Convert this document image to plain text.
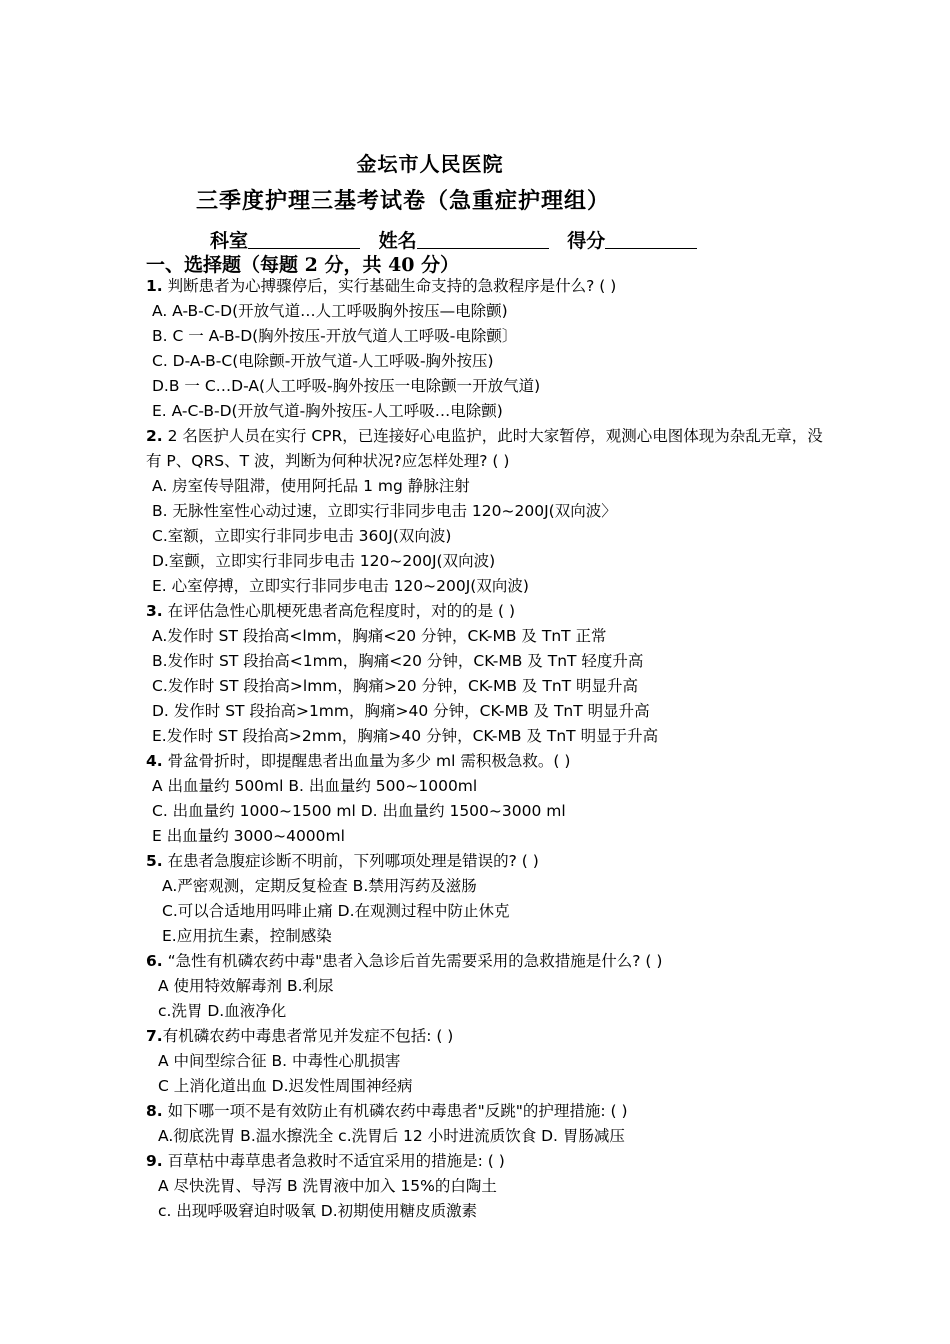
金坛市人民医院
三季度护理三基考试卷（急重症护理组）
科室	姓名	得分
一、选择题（每题 2 分，共 40 分）
1. 判断患者为心搏骤停后，实行基础生命支持的急救程序是什么? ( )
A. A-B-C-D(开放气道…人工呼吸胸外按压—电除颤)
B. C 一 A-B-D(胸外按压-开放气道人工呼吸-电除颤〕
C. D-A-B-C(电除颤-开放气道-人工呼吸-胸外按压)
D.B 一 C…D-A(人工呼吸-胸外按压一电除颤一开放气道)
E. A-C-B-D(开放气道-胸外按压-人工呼吸…电除颤)
2. 2 名医护人员在实行 CPR，已连接好心电监护，此时大家暂停，观测心电图体现为杂乱无章，没有 P、QRS、T 波，判断为何种状况?应怎样处理? ( )
A. 房室传导阻滞，使用阿托品 1 mg 静脉注射
B. 无脉性室性心动过速，立即实行非同步电击 120~200J(双向波〉
C.室额，立即实行非同步电击 360J(双向波)
D.室颤，立即实行非同步电击 120~200J(双向波)
E. 心室停搏，立即实行非同步电击 120~200J(双向波)
3. 在评估急性心肌梗死患者高危程度时，对的的是 ( )
A.发作时 ST 段抬高<lmm，胸痛<20 分钟，CK-MB 及 TnT 正常
B.发作时 ST 段抬高<1mm，胸痛<20 分钟，CK-MB 及 TnT 轻度升高
C.发作时 ST 段抬高>lmm，胸痛>20 分钟，CK-MB 及 TnT 明显升高
D. 发作时 ST 段抬高>1mm，胸痛>40 分钟，CK-MB 及 TnT 明显升高
E.发作时 ST 段抬高>2mm，胸痛>40 分钟，CK-MB 及 TnT 明显于升高
4. 骨盆骨折时，即提醒患者出血量为多少 ml 需积极急救。( )
A 出血量约 500ml B. 出血量约 500~1000ml
C. 出血量约 1000~1500 ml D. 出血量约 1500~3000 ml
E 出血量约 3000~4000ml
5. 在患者急腹症诊断不明前，下列哪项处理是错误的? ( )
A.严密观测，定期反复检查 B.禁用泻药及滋肠
C.可以合适地用吗啡止痛 D.在观测过程中防止休克
E.应用抗生素，控制感染
6. “急性有机磷农药中毒"患者入急诊后首先需要采用的急救措施是什么? ( )
A 使用特效解毒剂 B.利尿
c.洗胃 D.血液净化
7.有机磷农药中毒患者常见并发症不包括: ( )
A 中间型综合征 B. 中毒性心肌损害
C 上消化道出血 D.迟发性周围神经病
8. 如下哪一项不是有效防止有机磷农药中毒患者"反跳"的护理措施: ( )
A.彻底洗胃 B.温水擦洗全 c.洗胃后 12 小时进流质饮食 D. 胃肠减压
9. 百草枯中毒草患者急救时不适宜采用的措施是: ( )
A 尽快洗胃、导泻 B 洗胃液中加入 15%的白陶土
c. 出现呼吸窘迫时吸氧 D.初期使用糖皮质激素
